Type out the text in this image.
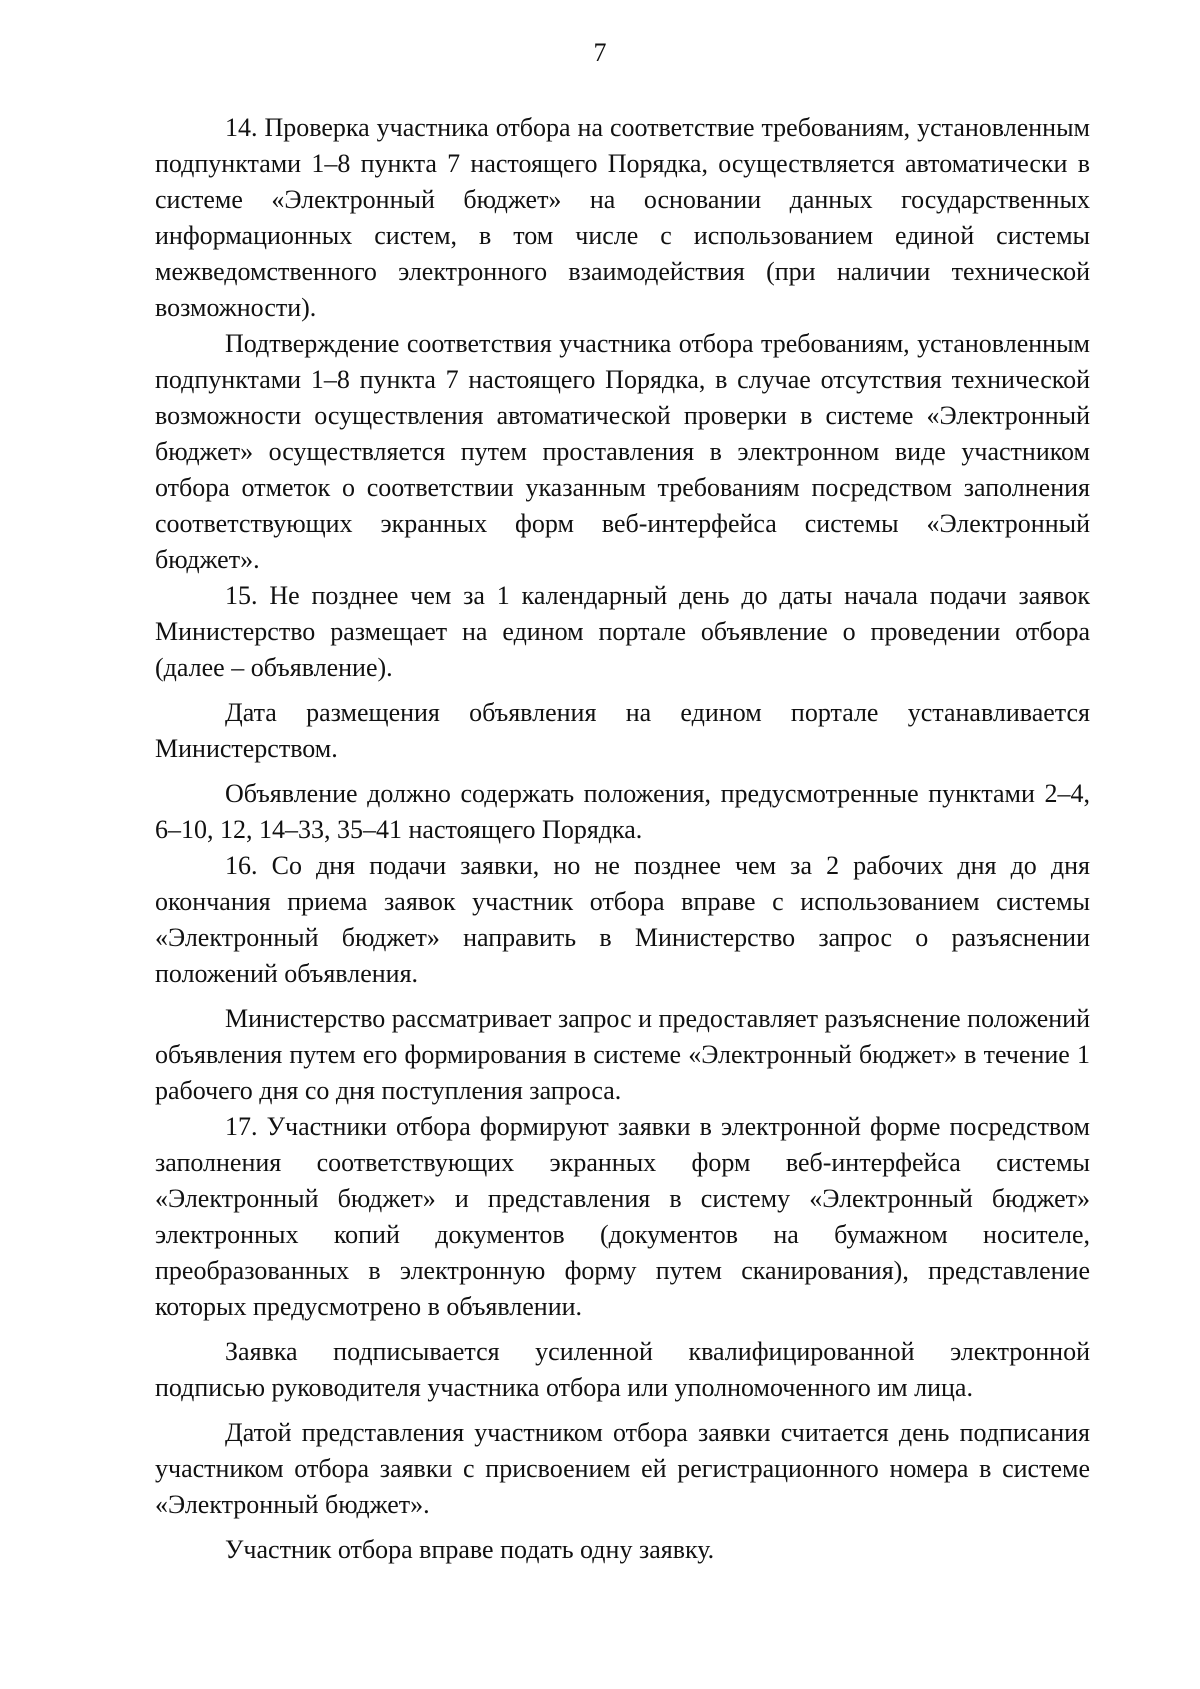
7

14. Проверка участника отбора на соответствие требованиям, установленным подпунктами 1–8 пункта 7 настоящего Порядка, осуществляется автоматически в системе «Электронный бюджет» на основании данных государственных информационных систем, в том числе с использованием единой системы межведомственного электронного взаимодействия (при наличии технической возможности).

Подтверждение соответствия участника отбора требованиям, установленным подпунктами 1–8 пункта 7 настоящего Порядка, в случае отсутствия технической возможности осуществления автоматической проверки в системе «Электронный бюджет» осуществляется путем проставления в электронном виде участником отбора отметок о соответствии указанным требованиям посредством заполнения соответствующих экранных форм веб-интерфейса системы «Электронный бюджет».

15. Не позднее чем за 1 календарный день до даты начала подачи заявок Министерство размещает на едином портале объявление о проведении отбора (далее – объявление).

Дата размещения объявления на едином портале устанавливается Министерством.

Объявление должно содержать положения, предусмотренные пунктами 2–4, 6–10, 12, 14–33, 35–41 настоящего Порядка.

16. Со дня подачи заявки, но не позднее чем за 2 рабочих дня до дня окончания приема заявок участник отбора вправе с использованием системы «Электронный бюджет» направить в Министерство запрос о разъяснении положений объявления.

Министерство рассматривает запрос и предоставляет разъяснение положений объявления путем его формирования в системе «Электронный бюджет» в течение 1 рабочего дня со дня поступления запроса.

17. Участники отбора формируют заявки в электронной форме посредством заполнения соответствующих экранных форм веб-интерфейса системы «Электронный бюджет» и представления в систему «Электронный бюджет» электронных копий документов (документов на бумажном носителе, преобразованных в электронную форму путем сканирования), представление которых предусмотрено в объявлении.

Заявка подписывается усиленной квалифицированной электронной подписью руководителя участника отбора или уполномоченного им лица.

Датой представления участником отбора заявки считается день подписания участником отбора заявки с присвоением ей регистрационного номера в системе «Электронный бюджет».

Участник отбора вправе подать одну заявку.
